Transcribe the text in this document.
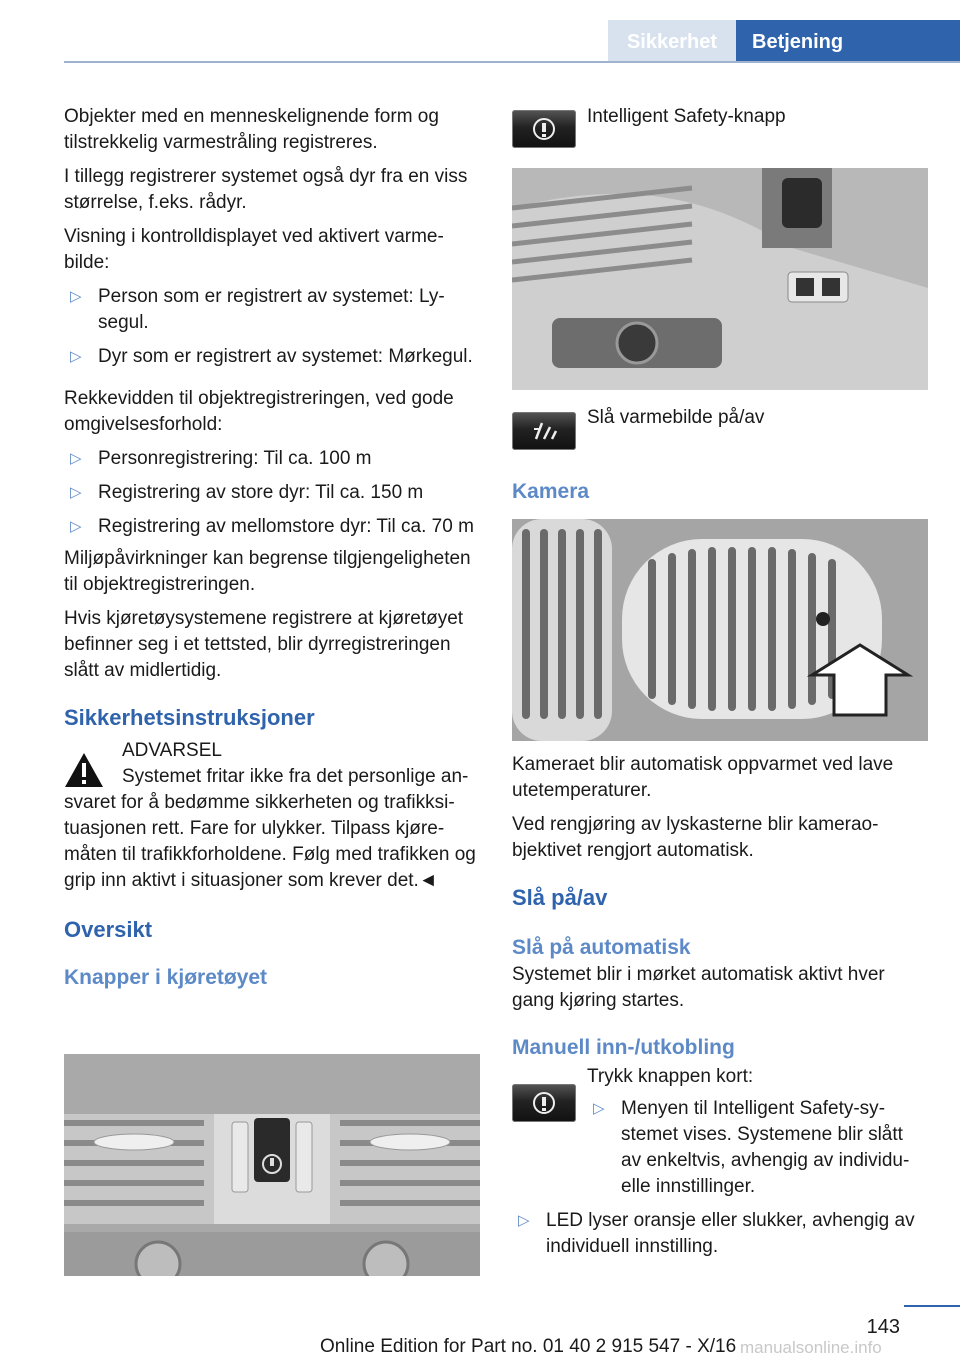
Sikkerhet	Betjening

Objekter med en menneskelignende form og tilstrekkelig varmestråling registreres.

I tillegg registrerer systemet også dyr fra en viss størrelse, f.eks. rådyr.

Visning i kontrolldisplayet ved aktivert varmebilde:

▷ Person som er registrert av systemet: Lysegul.
▷ Dyr som er registrert av systemet: Mørkegul.

Rekkevidden til objektregistreringen, ved gode omgivelsesforhold:

▷ Personregistrering: Til ca. 100 m
▷ Registrering av store dyr: Til ca. 150 m
▷ Registrering av mellomstore dyr: Til ca. 70 m

Miljøpåvirkninger kan begrense tilgjengeligheten til objektregistreringen.

Hvis kjøretøysystemene registrere at kjøretøyet befinner seg i et tettsted, blir dyrregistreringen slått av midlertidig.

Sikkerhetsinstruksjoner
ADVARSEL

Systemet fritar ikke fra det personlige ansvaret for å bedømme sikkerheten og trafikksituasjonen rett. Fare for ulykker. Tilpass kjøremåten til trafikkforholdene. Følg med trafikken og grip inn aktivt i situasjoner som krever det.◄

Oversikt
Knapper i kjøretøyet
Intelligent Safety-knapp
Slå varmebilde på/av
Kamera

Kameraet blir automatisk oppvarmet ved lave utetemperaturer.

Ved rengjøring av lyskasterne blir kameraobjektivet rengjort automatisk.

Slå på/av
Slå på automatisk

Systemet blir i mørket automatisk aktivt hver gang kjøring startes.

Manuell inn-/utkobling
Trykk knappen kort:
▷ Menyen til Intelligent Safety-systemet vises. Systemene blir slått av enkeltvis, avhengig av individuelle innstillinger.
▷ LED lyser oransje eller slukker, avhengig av individuell innstilling.
143
Online Edition for Part no. 01 40 2 915 547 - X/16 manualsonline.info
